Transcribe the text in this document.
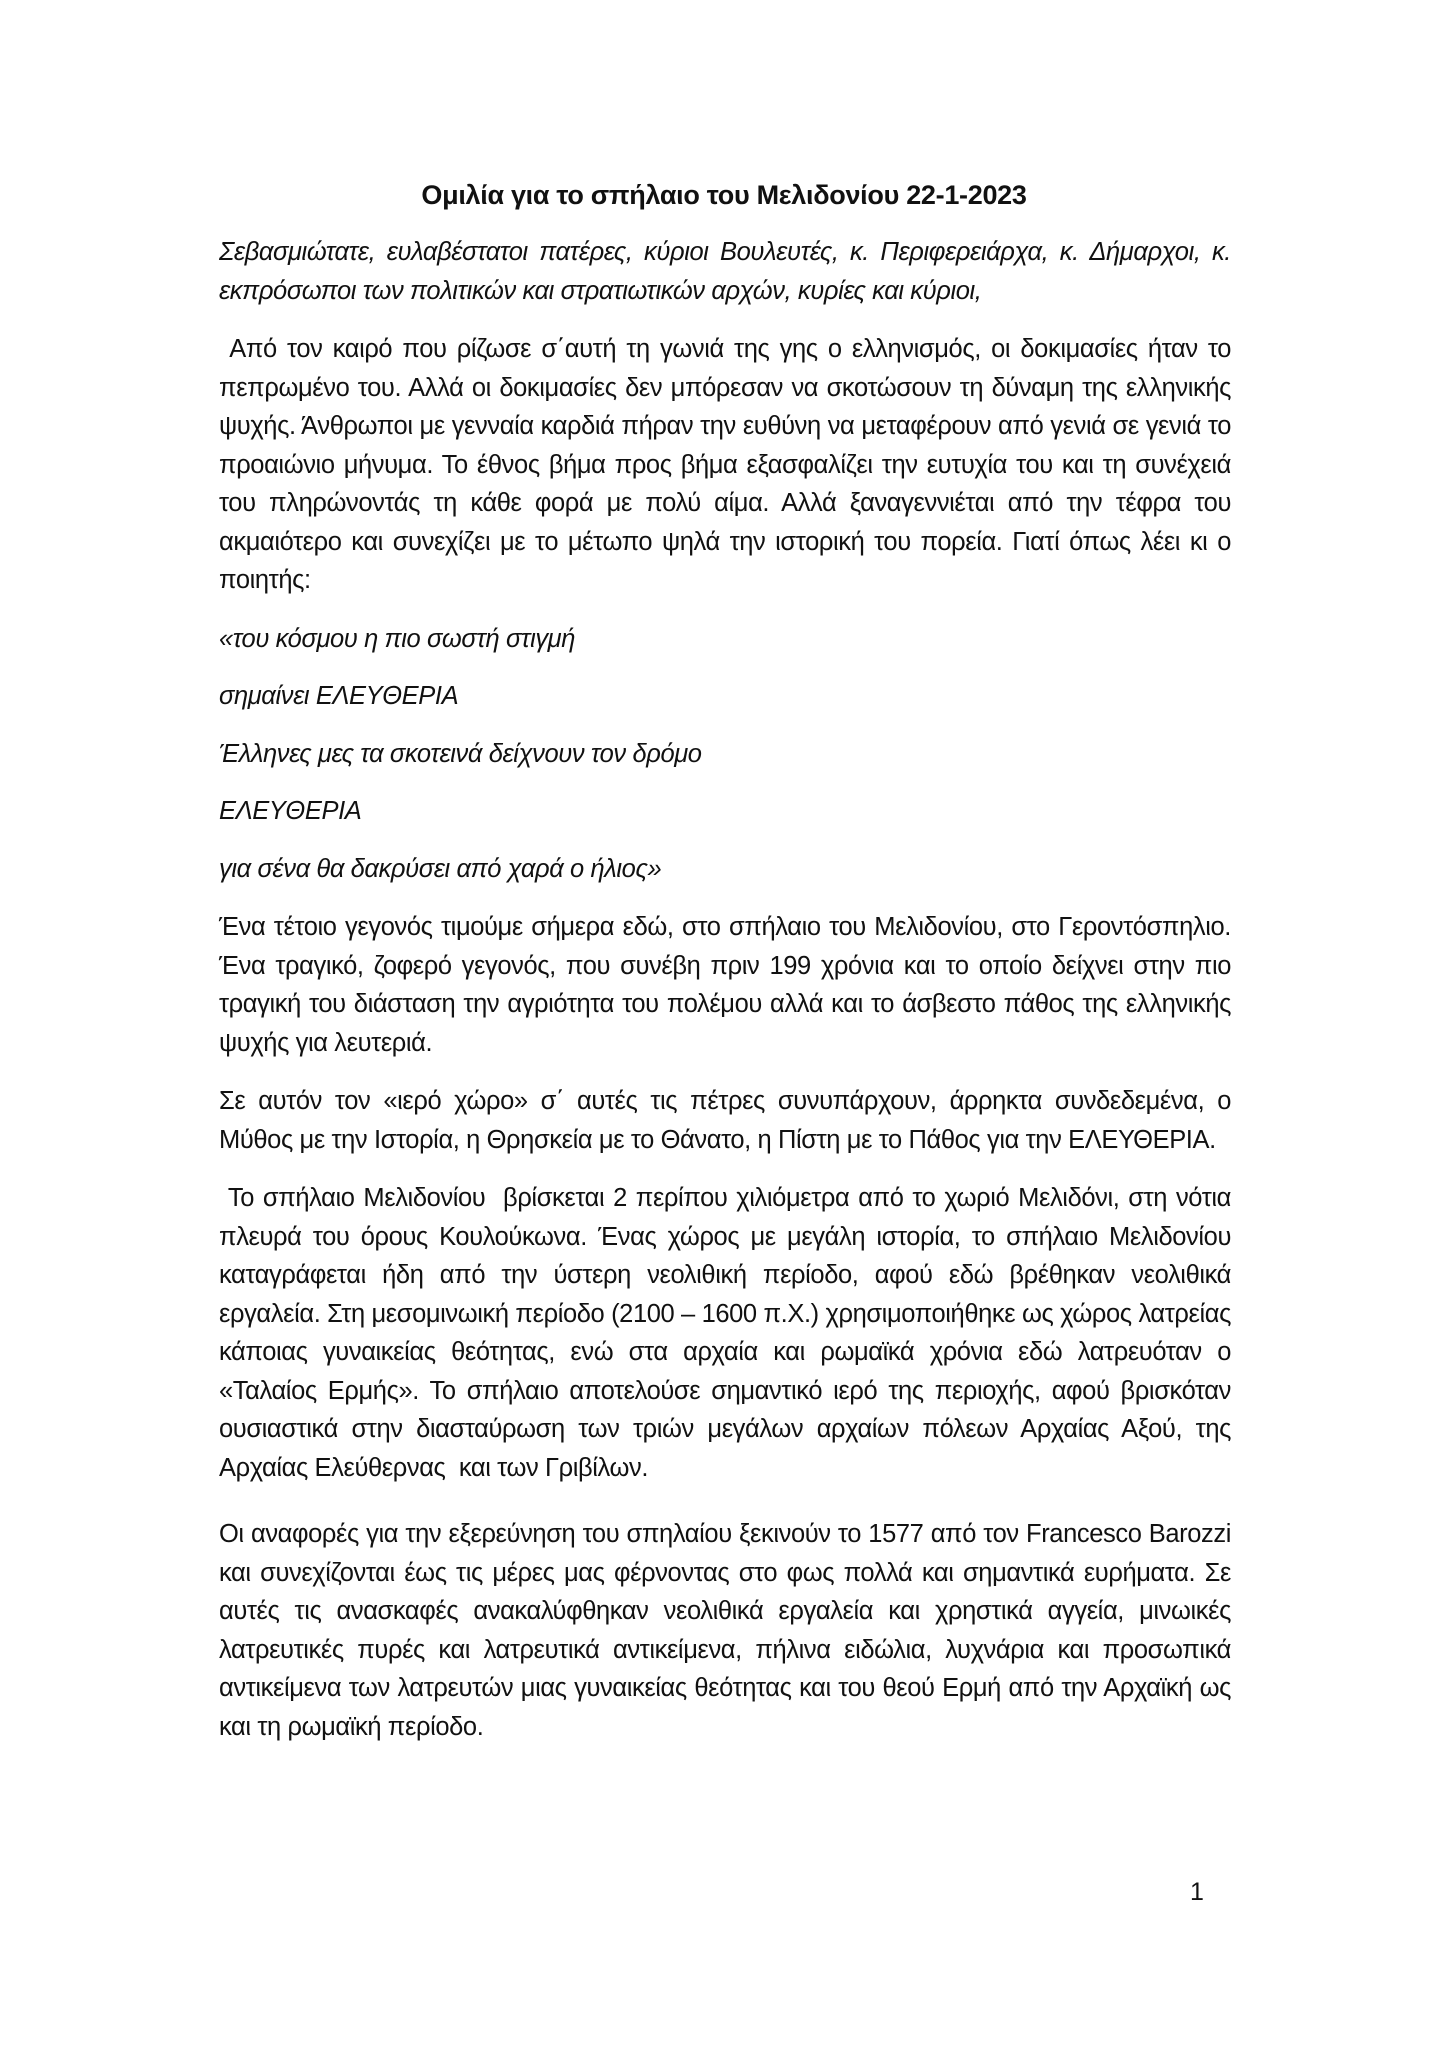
Ομιλία για το σπήλαιο του Μελιδονίου 22-1-2023

Σεβασμιώτατε, ευλαβέστατοι πατέρες, κύριοι Βουλευτές, κ. Περιφερειάρχα, κ. Δήμαρχοι, κ. εκπρόσωποι των πολιτικών και στρατιωτικών αρχών, κυρίες και κύριοι,

Από τον καιρό που ρίζωσε σ΄αυτή τη γωνιά της γης ο ελληνισμός, οι δοκιμασίες ήταν το πεπρωμένο του. Αλλά οι δοκιμασίες δεν μπόρεσαν να σκοτώσουν τη δύναμη της ελληνικής ψυχής. Άνθρωποι με γενναία καρδιά πήραν την ευθύνη να μεταφέρουν από γενιά σε γενιά το προαιώνιο μήνυμα. Το έθνος βήμα προς βήμα εξασφαλίζει την ευτυχία του και τη συνέχειά του πληρώνοντάς τη κάθε φορά με πολύ αίμα. Αλλά ξαναγεννιέται από την τέφρα του ακμαιότερο και συνεχίζει με το μέτωπο ψηλά την ιστορική του πορεία. Γιατί όπως λέει κι ο ποιητής:

«του κόσμου η πιο σωστή στιγμή
σημαίνει ΕΛΕΥΘΕΡΙΑ
Έλληνες μες τα σκοτεινά δείχνουν τον δρόμο
ΕΛΕΥΘΕΡΙΑ
για σένα θα δακρύσει από χαρά ο ήλιος»

Ένα τέτοιο γεγονός τιμούμε σήμερα εδώ, στο σπήλαιο του Μελιδονίου, στο Γεροντόσπηλιο. Ένα τραγικό, ζοφερό γεγονός, που συνέβη πριν 199 χρόνια και το οποίο δείχνει στην πιο τραγική του διάσταση την αγριότητα του πολέμου αλλά και το άσβεστο πάθος της ελληνικής ψυχής για λευτεριά.

Σε αυτόν τον «ιερό χώρο» σ΄ αυτές τις πέτρες συνυπάρχουν, άρρηκτα συνδεδεμένα, ο Μύθος με την Ιστορία, η Θρησκεία με το Θάνατο, η Πίστη με το Πάθος για την ΕΛΕΥΘΕΡΙΑ.

Το σπήλαιο Μελιδονίου  βρίσκεται 2 περίπου χιλιόμετρα από το χωριό Μελιδόνι, στη νότια πλευρά του όρους Κουλούκωνα. Ένας χώρος με μεγάλη ιστορία, το σπήλαιο Μελιδονίου καταγράφεται ήδη από την ύστερη νεολιθική περίοδο, αφού εδώ βρέθηκαν νεολιθικά εργαλεία. Στη μεσομινωική περίοδο (2100 – 1600 π.Χ.) χρησιμοποιήθηκε ως χώρος λατρείας κάποιας γυναικείας θεότητας, ενώ στα αρχαία και ρωμαϊκά χρόνια εδώ λατρευόταν ο «Ταλαίος Ερμής». Το σπήλαιο αποτελούσε σημαντικό ιερό της περιοχής, αφού βρισκόταν ουσιαστικά στην διασταύρωση των τριών μεγάλων αρχαίων πόλεων Αρχαίας Αξού, της Αρχαίας Ελεύθερνας  και των Γριβίλων.

Οι αναφορές για την εξερεύνηση του σπηλαίου ξεκινούν το 1577 από τον Francesco Barozzi και συνεχίζονται έως τις μέρες μας φέρνοντας στο φως πολλά και σημαντικά ευρήματα. Σε αυτές τις ανασκαφές ανακαλύφθηκαν νεολιθικά εργαλεία και χρηστικά αγγεία, μινωικές λατρευτικές πυρές και λατρευτικά αντικείμενα, πήλινα ειδώλια, λυχνάρια και προσωπικά αντικείμενα των λατρευτών μιας γυναικείας θεότητας και του θεού Ερμή από την Αρχαϊκή ως και τη ρωμαϊκή περίοδο.

1
